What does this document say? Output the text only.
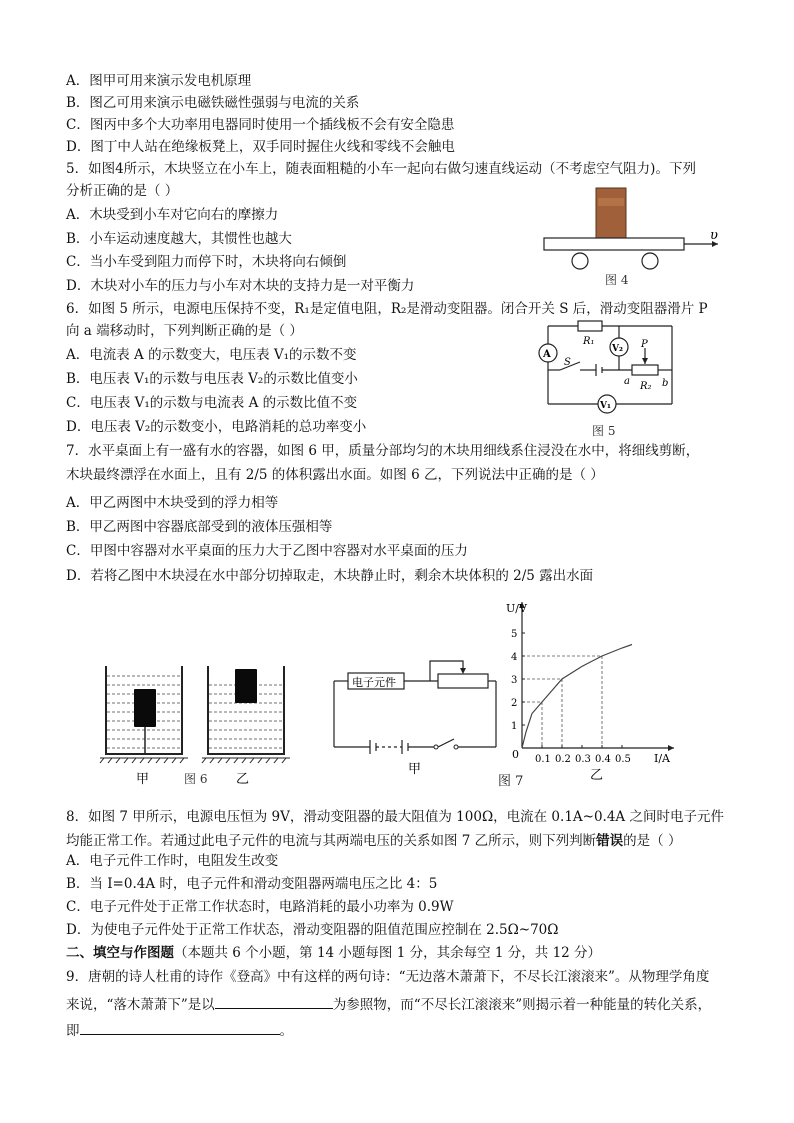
A．图甲可用来演示发电机原理
B．图乙可用来演示电磁铁磁性强弱与电流的关系
C．图丙中多个大功率用电器同时使用一个插线板不会有安全隐患
D．图丁中人站在绝缘板凳上，双手同时握住火线和零线不会触电
5．如图4所示，木块竖立在小车上，随表面粗糙的小车一起向右做匀速直线运动（不考虑空气阻力)。下列
分析正确的是（ ）
A．木块受到小车对它向右的摩擦力
B．小车运动速度越大，其惯性也越大
C．当小车受到阻力而停下时，木块将向右倾倒
D．木块对小车的压力与小车对木块的支持力是一对平衡力
υ
图 4
6．如图 5 所示，电源电压保持不变，R₁是定值电阻，R₂是滑动变阻器。闭合开关 S 后，滑动变阻器滑片 P
向 a 端移动时，下列判断正确的是（ ）
A．电流表 A 的示数变大，电压表 V₁的示数不变
B．电压表 V₁的示数与电压表 V₂的示数比值变小
C．电压表 V₁的示数与电流表 A 的示数比值不变
D．电压表 V₂的示数变小，电路消耗的总功率变小
A	V₂
V₁
R₁
R₂
P
S
a	b
图 5
7．水平桌面上有一盛有水的容器，如图 6 甲，质量分部均匀的木块用细线系住浸没在水中，将细线剪断，
木块最终漂浮在水面上，且有 2/5 的体积露出水面。如图 6 乙，下列说法中正确的是（ ）
A．甲乙两图中木块受到的浮力相等
B．甲乙两图中容器底部受到的液体压强相等
C．甲图中容器对水平桌面的压力大于乙图中容器对水平桌面的压力
D．若将乙图中木块浸在水中部分切掉取走，木块静止时，剩余木块体积的 2/5 露出水面
甲	图 6 乙
电子元件
甲
图 7
0.1 0.2 0.3 0.4 0.5
1
2
3
4
5
U/V
I/A
0
乙
8．如图 7 甲所示，电源电压恒为 9V，滑动变阻器的最大阻值为 100Ω，电流在 0.1A~0.4A 之间时电子元件
均能正常工作。若通过此电子元件的电流与其两端电压的关系如图 7 乙所示，则下列判断错误的是（ ）
A．电子元件工作时，电阻发生改变
B．当 I=0.4A 时，电子元件和滑动变阻器两端电压之比 4：5
C．电子元件处于正常工作状态时，电路消耗的最小功率为 0.9W
D．为使电子元件处于正常工作状态，滑动变阻器的阻值范围应控制在 2.5Ω~70Ω
二、填空与作图题（本题共 6 个小题，第 14 小题每图 1 分，其余每空 1 分，共 12 分）
9．唐朝的诗人杜甫的诗作《登高》中有这样的两句诗：“无边落木萧萧下，不尽长江滚滚来”。从物理学角度
来说，“落木萧萧下”是以	为参照物，而“不尽长江滚滚来”则揭示着一种能量的转化关系，
即	。
